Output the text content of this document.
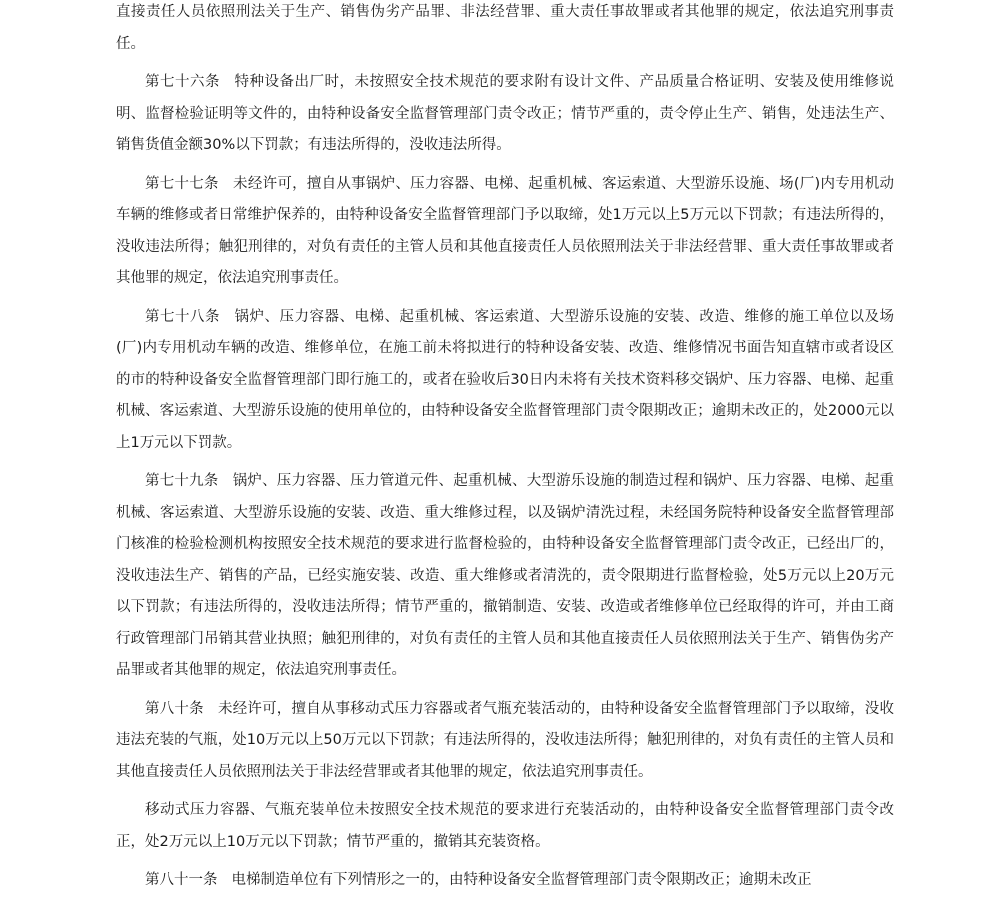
直接责任人员依照刑法关于生产、销售伪劣产品罪、非法经营罪、重大责任事故罪或者其他罪的规定，依法追究刑事责任。

第七十六条 特种设备出厂时，未按照安全技术规范的要求附有设计文件、产品质量合格证明、安装及使用维修说明、监督检验证明等文件的，由特种设备安全监督管理部门责令改正；情节严重的，责令停止生产、销售，处违法生产、销售货值金额30%以下罚款；有违法所得的，没收违法所得。

第七十七条 未经许可，擅自从事锅炉、压力容器、电梯、起重机械、客运索道、大型游乐设施、场(厂)内专用机动车辆的维修或者日常维护保养的，由特种设备安全监督管理部门予以取缔，处1万元以上5万元以下罚款；有违法所得的，没收违法所得；触犯刑律的，对负有责任的主管人员和其他直接责任人员依照刑法关于非法经营罪、重大责任事故罪或者其他罪的规定，依法追究刑事责任。

第七十八条 锅炉、压力容器、电梯、起重机械、客运索道、大型游乐设施的安装、改造、维修的施工单位以及场(厂)内专用机动车辆的改造、维修单位，在施工前未将拟进行的特种设备安装、改造、维修情况书面告知直辖市或者设区的市的特种设备安全监督管理部门即行施工的，或者在验收后30日内未将有关技术资料移交锅炉、压力容器、电梯、起重机械、客运索道、大型游乐设施的使用单位的，由特种设备安全监督管理部门责令限期改正；逾期未改正的，处2000元以上1万元以下罚款。

第七十九条 锅炉、压力容器、压力管道元件、起重机械、大型游乐设施的制造过程和锅炉、压力容器、电梯、起重机械、客运索道、大型游乐设施的安装、改造、重大维修过程，以及锅炉清洗过程，未经国务院特种设备安全监督管理部门核准的检验检测机构按照安全技术规范的要求进行监督检验的，由特种设备安全监督管理部门责令改正，已经出厂的，没收违法生产、销售的产品，已经实施安装、改造、重大维修或者清洗的，责令限期进行监督检验，处5万元以上20万元以下罚款；有违法所得的，没收违法所得；情节严重的，撤销制造、安装、改造或者维修单位已经取得的许可，并由工商行政管理部门吊销其营业执照；触犯刑律的，对负有责任的主管人员和其他直接责任人员依照刑法关于生产、销售伪劣产品罪或者其他罪的规定，依法追究刑事责任。

第八十条 未经许可，擅自从事移动式压力容器或者气瓶充装活动的，由特种设备安全监督管理部门予以取缔，没收违法充装的气瓶，处10万元以上50万元以下罚款；有违法所得的，没收违法所得；触犯刑律的，对负有责任的主管人员和其他直接责任人员依照刑法关于非法经营罪或者其他罪的规定，依法追究刑事责任。

移动式压力容器、气瓶充装单位未按照安全技术规范的要求进行充装活动的，由特种设备安全监督管理部门责令改正，处2万元以上10万元以下罚款；情节严重的，撤销其充装资格。

第八十一条 电梯制造单位有下列情形之一的，由特种设备安全监督管理部门责令限期改正；逾期未改正
